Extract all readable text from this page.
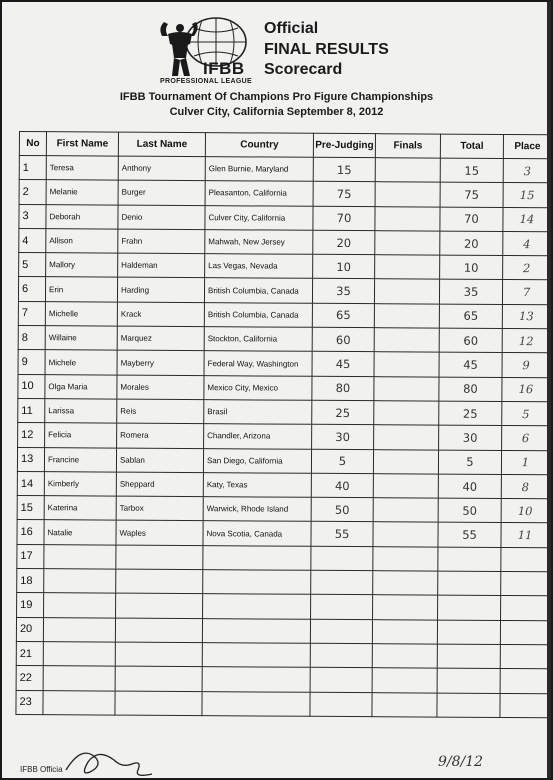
Official
FINAL RESULTS
IFBB
PROFESSIONAL LEAGUE
Scorecard
IFBB Tournament Of Champions Pro Figure Championships
Culver City, California September 8, 2012
No	First Name	Last Name	Country	Pre-Judging	Finals	Total	Place
1	Teresa	Anthony	Glen Burnie, Maryland	15		15	3
2	Melanie	Burger	Pleasanton, California	75		75	15
3	Deborah	Denio	Culver City, California	70		70	14
4	Allison	Frahn	Mahwah, New Jersey	20		20	4
5	Mallory	Haldeman	Las Vegas, Nevada	10		10	2
6	Erin	Harding	British Columbia, Canada	35		35	7
7	Michelle	Krack	British Columbia, Canada	65		65	13
8	Willaine	Marquez	Stockton, California	60		60	12
9	Michele	Mayberry	Federal Way, Washington	45		45	9
10	Olga Maria	Morales	Mexico City, Mexico	80		80	16
11	Larissa	Reis	Brasil	25		25	5
12	Felicia	Romera	Chandler, Arizona	30		30	6
13	Francine	Sablan	San Diego, California	5		5	1
14	Kimberly	Sheppard	Katy, Texas	40		40	8
15	Katerina	Tarbox	Warwick, Rhode Island	50		50	10
16	Natalie	Waples	Nova Scotia, Canada	55		55	11
17							
18							
19							
20							
21							
22							
23							
IFBB Officia	9/8/12
